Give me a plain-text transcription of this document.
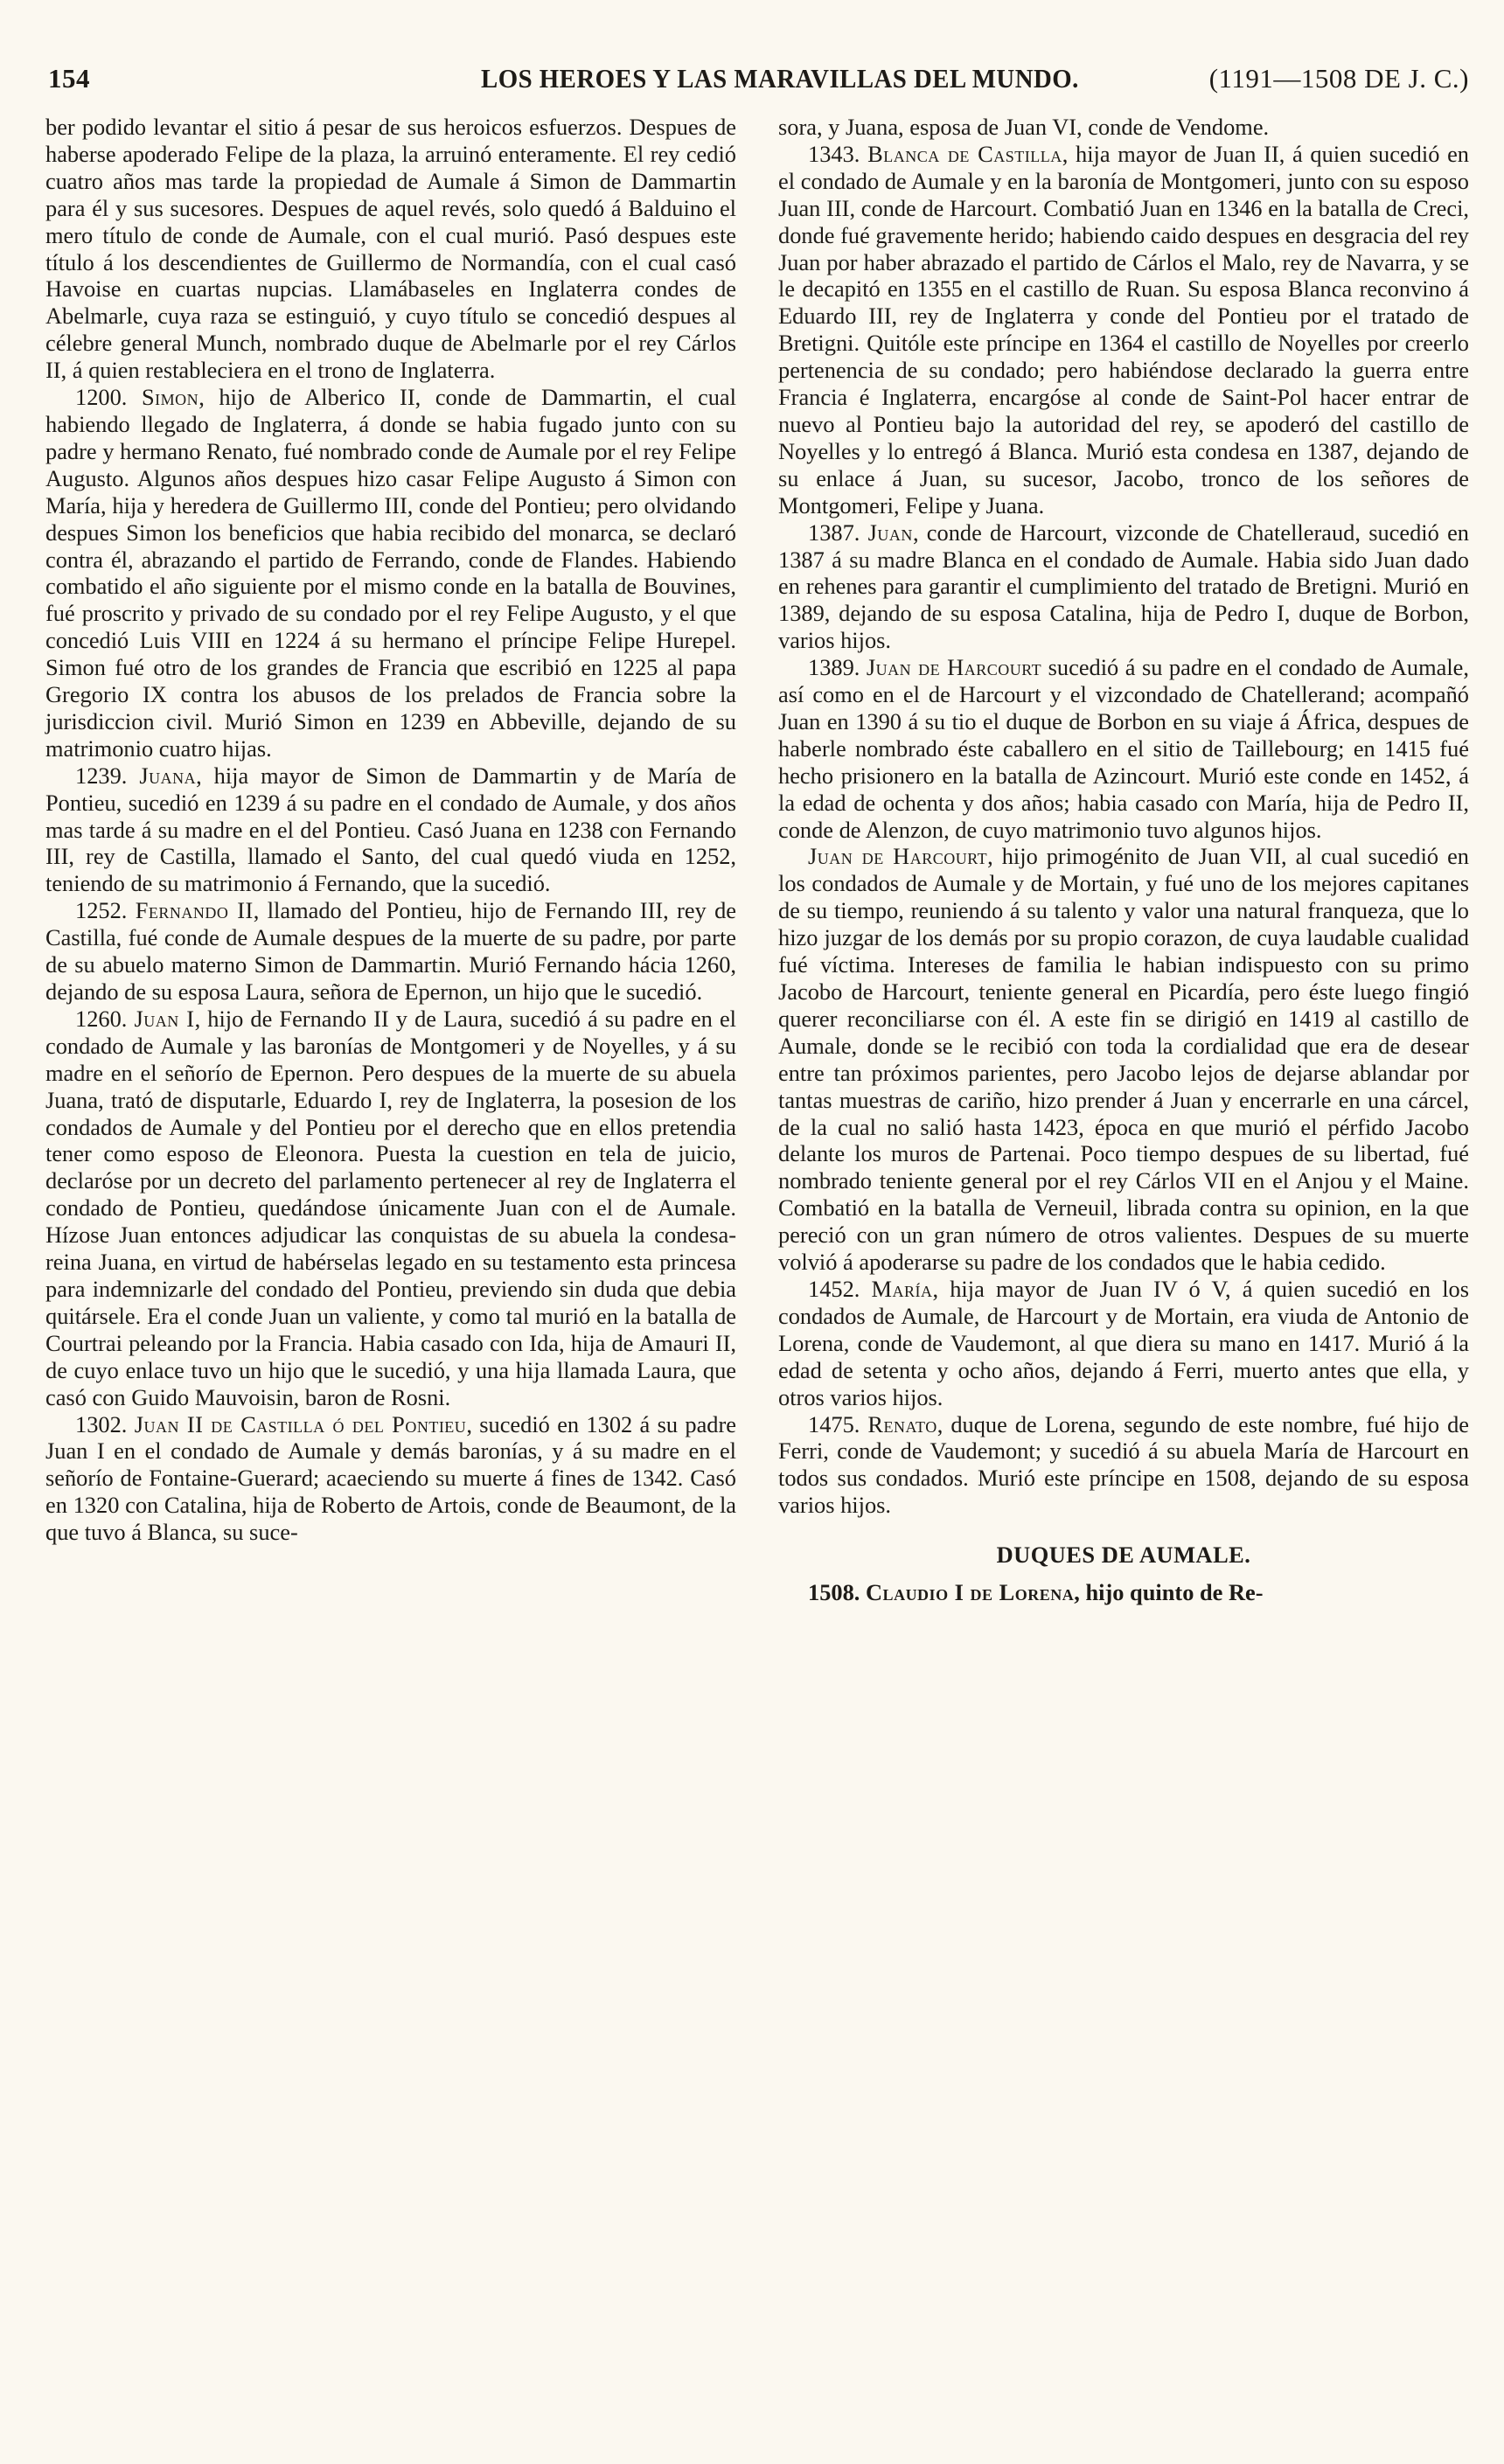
154	LOS HEROES Y LAS MARAVILLAS DEL MUNDO.	(1191—1508 DE J. C.)

ber podido levantar el sitio á pesar de sus heroicos esfuerzos. Despues de haberse apoderado Felipe de la plaza, la arruinó enteramente. El rey cedió cuatro años mas tarde la propiedad de Aumale á Simon de Dammartin para él y sus sucesores. Despues de aquel revés, solo quedó á Balduino el mero título de conde de Aumale, con el cual murió. Pasó despues este título á los descendientes de Guillermo de Normandía, con el cual casó Havoise en cuartas nupcias. Llamábaseles en Inglaterra condes de Abelmarle, cuya raza se estinguió, y cuyo título se concedió despues al célebre general Munch, nombrado duque de Abelmarle por el rey Cárlos II, á quien restableciera en el trono de Inglaterra.

1200. Simon, hijo de Alberico II, conde de Dammartin, el cual habiendo llegado de Inglaterra, á donde se habia fugado junto con su padre y hermano Renato, fué nombrado conde de Aumale por el rey Felipe Augusto. Algunos años despues hizo casar Felipe Augusto á Simon con María, hija y heredera de Guillermo III, conde del Pontieu; pero olvidando despues Simon los beneficios que habia recibido del monarca, se declaró contra él, abrazando el partido de Ferrando, conde de Flandes. Habiendo combatido el año siguiente por el mismo conde en la batalla de Bouvines, fué proscrito y privado de su condado por el rey Felipe Augusto, y el que concedió Luis VIII en 1224 á su hermano el príncipe Felipe Hurepel. Simon fué otro de los grandes de Francia que escribió en 1225 al papa Gregorio IX contra los abusos de los prelados de Francia sobre la jurisdiccion civil. Murió Simon en 1239 en Abbeville, dejando de su matrimonio cuatro hijas.

1239. Juana, hija mayor de Simon de Dammartin y de María de Pontieu, sucedió en 1239 á su padre en el condado de Aumale, y dos años mas tarde á su madre en el del Pontieu. Casó Juana en 1238 con Fernando III, rey de Castilla, llamado el Santo, del cual quedó viuda en 1252, teniendo de su matrimonio á Fernando, que la sucedió.

1252. Fernando II, llamado del Pontieu, hijo de Fernando III, rey de Castilla, fué conde de Aumale despues de la muerte de su padre, por parte de su abuelo materno Simon de Dammartin. Murió Fernando hácia 1260, dejando de su esposa Laura, señora de Epernon, un hijo que le sucedió.

1260. Juan I, hijo de Fernando II y de Laura, sucedió á su padre en el condado de Aumale y las baronías de Montgomeri y de Noyelles, y á su madre en el señorío de Epernon. Pero despues de la muerte de su abuela Juana, trató de disputarle, Eduardo I, rey de Inglaterra, la posesion de los condados de Aumale y del Pontieu por el derecho que en ellos pretendia tener como esposo de Eleonora. Puesta la cuestion en tela de juicio, declaróse por un decreto del parlamento pertenecer al rey de Inglaterra el condado de Pontieu, quedándose únicamente Juan con el de Aumale. Hízose Juan entonces adjudicar las conquistas de su abuela la condesa-reina Juana, en virtud de habérselas legado en su testamento esta princesa para indemnizarle del condado del Pontieu, previendo sin duda que debia quitársele. Era el conde Juan un valiente, y como tal murió en la batalla de Courtrai peleando por la Francia. Habia casado con Ida, hija de Amauri II, de cuyo enlace tuvo un hijo que le sucedió, y una hija llamada Laura, que casó con Guido Mauvoisin, baron de Rosni.

1302. Juan II de Castilla ó del Pontieu, sucedió en 1302 á su padre Juan I en el condado de Aumale y demás baronías, y á su madre en el señorío de Fontaine-Guerard; acaeciendo su muerte á fines de 1342. Casó en 1320 con Catalina, hija de Roberto de Artois, conde de Beaumont, de la que tuvo á Blanca, su suce-

sora, y Juana, esposa de Juan VI, conde de Vendome.

1343. Blanca de Castilla, hija mayor de Juan II, á quien sucedió en el condado de Aumale y en la baronía de Montgomeri, junto con su esposo Juan III, conde de Harcourt. Combatió Juan en 1346 en la batalla de Creci, donde fué gravemente herido; habiendo caido despues en desgracia del rey Juan por haber abrazado el partido de Cárlos el Malo, rey de Navarra, y se le decapitó en 1355 en el castillo de Ruan. Su esposa Blanca reconvino á Eduardo III, rey de Inglaterra y conde del Pontieu por el tratado de Bretigni. Quitóle este príncipe en 1364 el castillo de Noyelles por creerlo pertenencia de su condado; pero habiéndose declarado la guerra entre Francia é Inglaterra, encargóse al conde de Saint-Pol hacer entrar de nuevo al Pontieu bajo la autoridad del rey, se apoderó del castillo de Noyelles y lo entregó á Blanca. Murió esta condesa en 1387, dejando de su enlace á Juan, su sucesor, Jacobo, tronco de los señores de Montgomeri, Felipe y Juana.

1387. Juan, conde de Harcourt, vizconde de Chatelleraud, sucedió en 1387 á su madre Blanca en el condado de Aumale. Habia sido Juan dado en rehenes para garantir el cumplimiento del tratado de Bretigni. Murió en 1389, dejando de su esposa Catalina, hija de Pedro I, duque de Borbon, varios hijos.

1389. Juan de Harcourt sucedió á su padre en el condado de Aumale, así como en el de Harcourt y el vizcondado de Chatellerand; acompañó Juan en 1390 á su tio el duque de Borbon en su viaje á África, despues de haberle nombrado éste caballero en el sitio de Taillebourg; en 1415 fué hecho prisionero en la batalla de Azincourt. Murió este conde en 1452, á la edad de ochenta y dos años; habia casado con María, hija de Pedro II, conde de Alenzon, de cuyo matrimonio tuvo algunos hijos.

Juan de Harcourt, hijo primogénito de Juan VII, al cual sucedió en los condados de Aumale y de Mortain, y fué uno de los mejores capitanes de su tiempo, reuniendo á su talento y valor una natural franqueza, que lo hizo juzgar de los demás por su propio corazon, de cuya laudable cualidad fué víctima. Intereses de familia le habian indispuesto con su primo Jacobo de Harcourt, teniente general en Picardía, pero éste luego fingió querer reconciliarse con él. A este fin se dirigió en 1419 al castillo de Aumale, donde se le recibió con toda la cordialidad que era de desear entre tan próximos parientes, pero Jacobo lejos de dejarse ablandar por tantas muestras de cariño, hizo prender á Juan y encerrarle en una cárcel, de la cual no salió hasta 1423, época en que murió el pérfido Jacobo delante los muros de Partenai. Poco tiempo despues de su libertad, fué nombrado teniente general por el rey Cárlos VII en el Anjou y el Maine. Combatió en la batalla de Verneuil, librada contra su opinion, en la que pereció con un gran número de otros valientes. Despues de su muerte volvió á apoderarse su padre de los condados que le habia cedido.

1452. María, hija mayor de Juan IV ó V, á quien sucedió en los condados de Aumale, de Harcourt y de Mortain, era viuda de Antonio de Lorena, conde de Vaudemont, al que diera su mano en 1417. Murió á la edad de setenta y ocho años, dejando á Ferri, muerto antes que ella, y otros varios hijos.

1475. Renato, duque de Lorena, segundo de este nombre, fué hijo de Ferri, conde de Vaudemont; y sucedió á su abuela María de Harcourt en todos sus condados. Murió este príncipe en 1508, dejando de su esposa varios hijos.

DUQUES DE AUMALE.

1508. Claudio I de Lorena, hijo quinto de Re-
